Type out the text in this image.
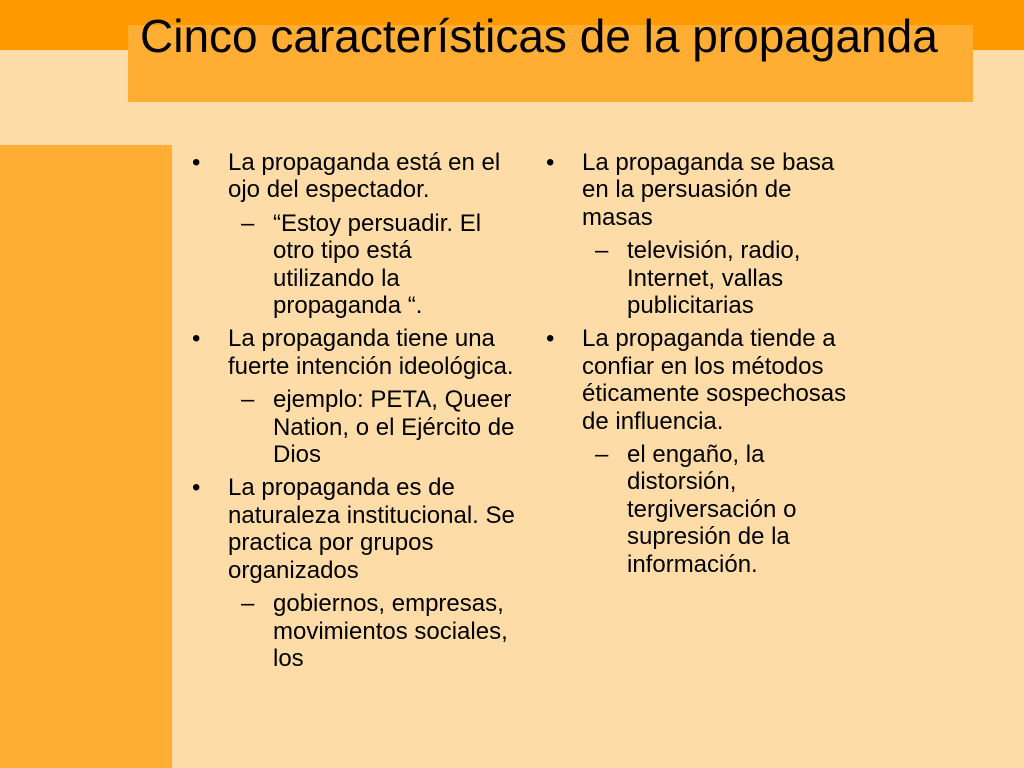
Cinco características de la propaganda
• La propaganda está en el ojo del espectador.
– “Estoy persuadir. El otro tipo está utilizando la propaganda “.
• La propaganda tiene una fuerte intención ideológica.
– ejemplo: PETA, Queer Nation, o el Ejército de Dios
• La propaganda es de naturaleza institucional. Se practica por grupos organizados
– gobiernos, empresas, movimientos sociales, los
• La propaganda se basa en la persuasión de masas
– televisión, radio, Internet, vallas publicitarias
• La propaganda tiende a confiar en los métodos éticamente sospechosas de influencia.
– el engaño, la distorsión, tergiversación o supresión de la información.
